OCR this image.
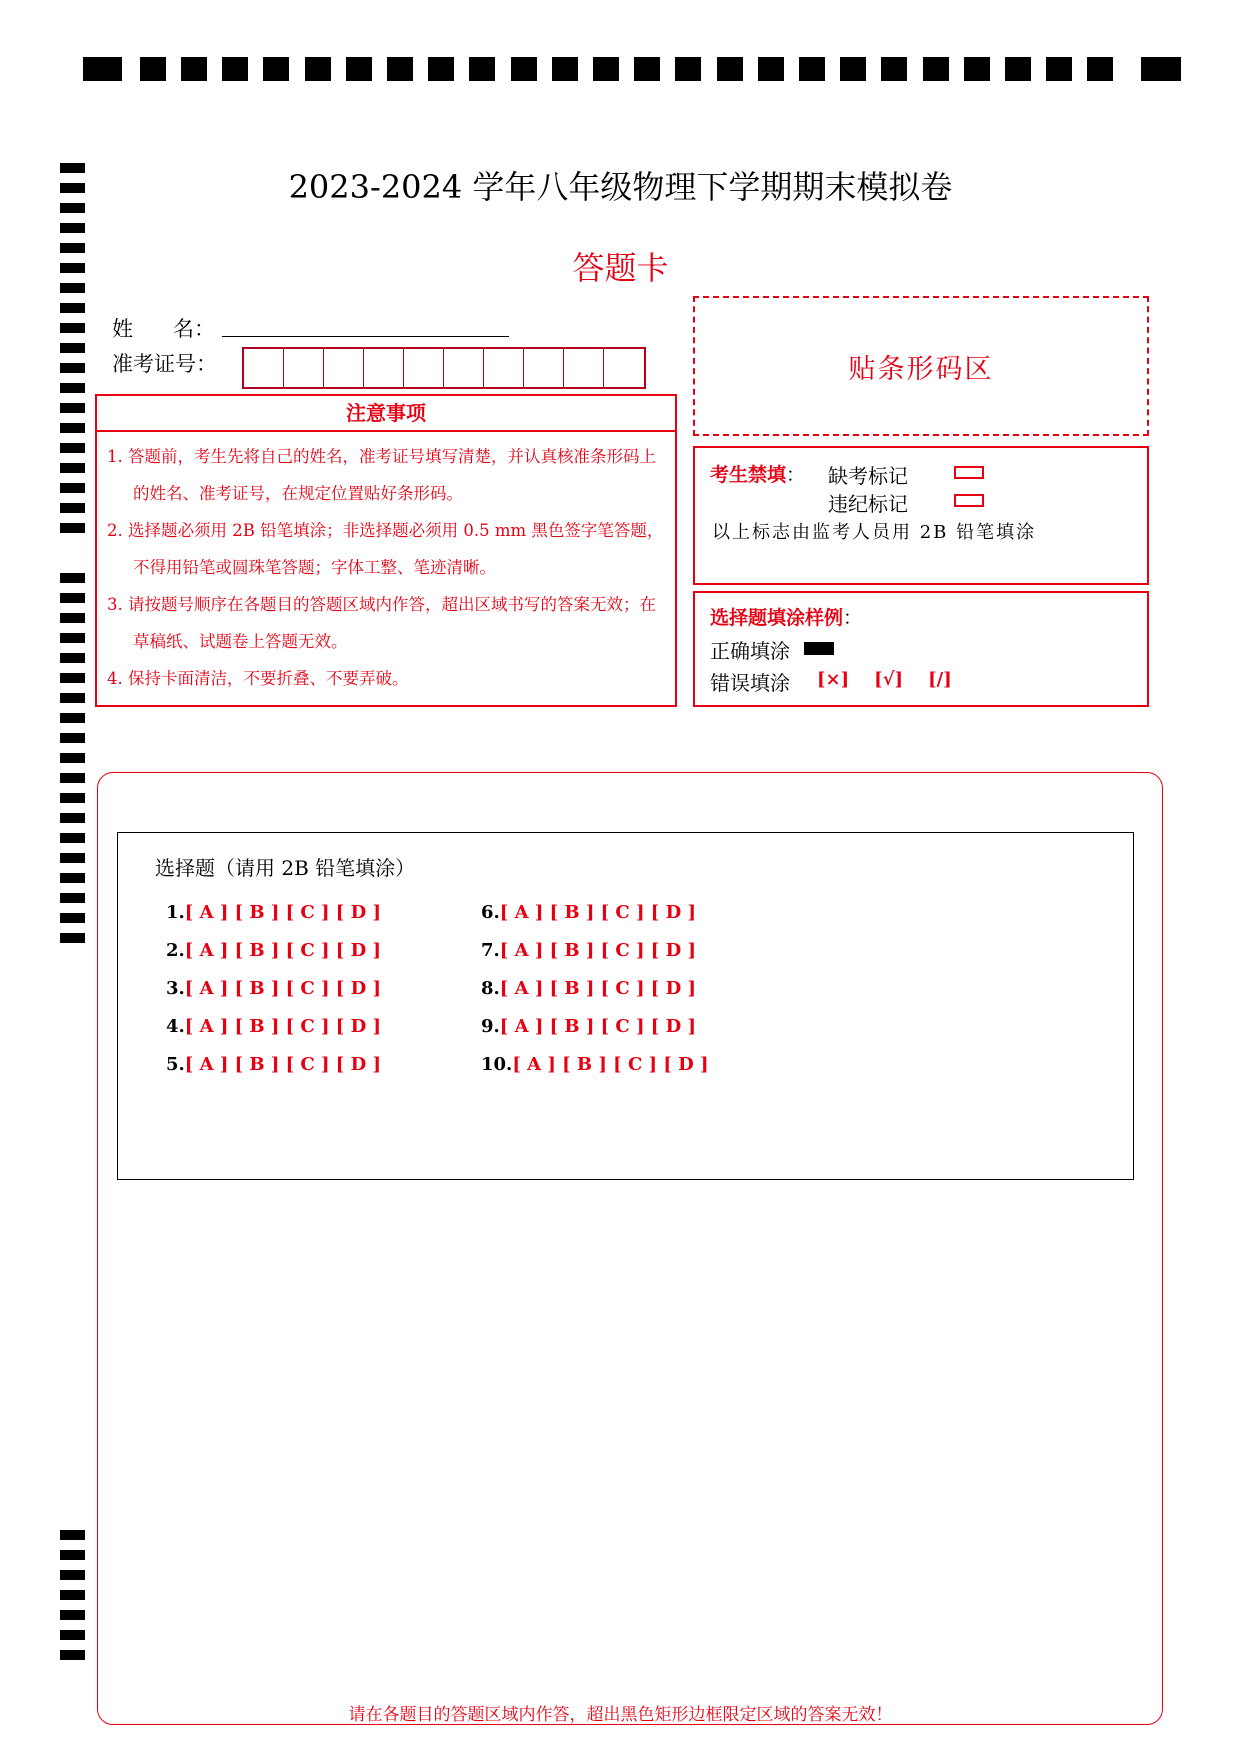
2023-2024 学年八年级物理下学期期末模拟卷
答题卡
姓      名：
准考证号：	贴条形码区
注意事项

1. 答题前，考生先将自己的姓名，准考证号填写清楚，并认真核准条形码上的姓名、准考证号，在规定位置贴好条形码。

2. 选择题必须用 2B 铅笔填涂；非选择题必须用 0.5 mm 黑色签字笔答题，不得用铅笔或圆珠笔答题；字体工整、笔迹清晰。

3. 请按题号顺序在各题目的答题区域内作答，超出区域书写的答案无效；在草稿纸、试题卷上答题无效。

4. 保持卡面清洁，不要折叠、不要弄破。

考生禁填： 缺考标记
违纪标记
以上标志由监考人员用 2B 铅笔填涂
选择题填涂样例：
正确填涂
错误填涂 [×]    [√]    [/]
选择题（请用 2B 铅笔填涂）
1.[ A ] [ B ] [ C ] [ D ]
2.[ A ] [ B ] [ C ] [ D ]
3.[ A ] [ B ] [ C ] [ D ]
4.[ A ] [ B ] [ C ] [ D ]
5.[ A ] [ B ] [ C ] [ D ]
6.[ A ] [ B ] [ C ] [ D ]
7.[ A ] [ B ] [ C ] [ D ]
8.[ A ] [ B ] [ C ] [ D ]
9.[ A ] [ B ] [ C ] [ D ]
10.[ A ] [ B ] [ C ] [ D ]
请在各题目的答题区域内作答，超出黑色矩形边框限定区域的答案无效！
